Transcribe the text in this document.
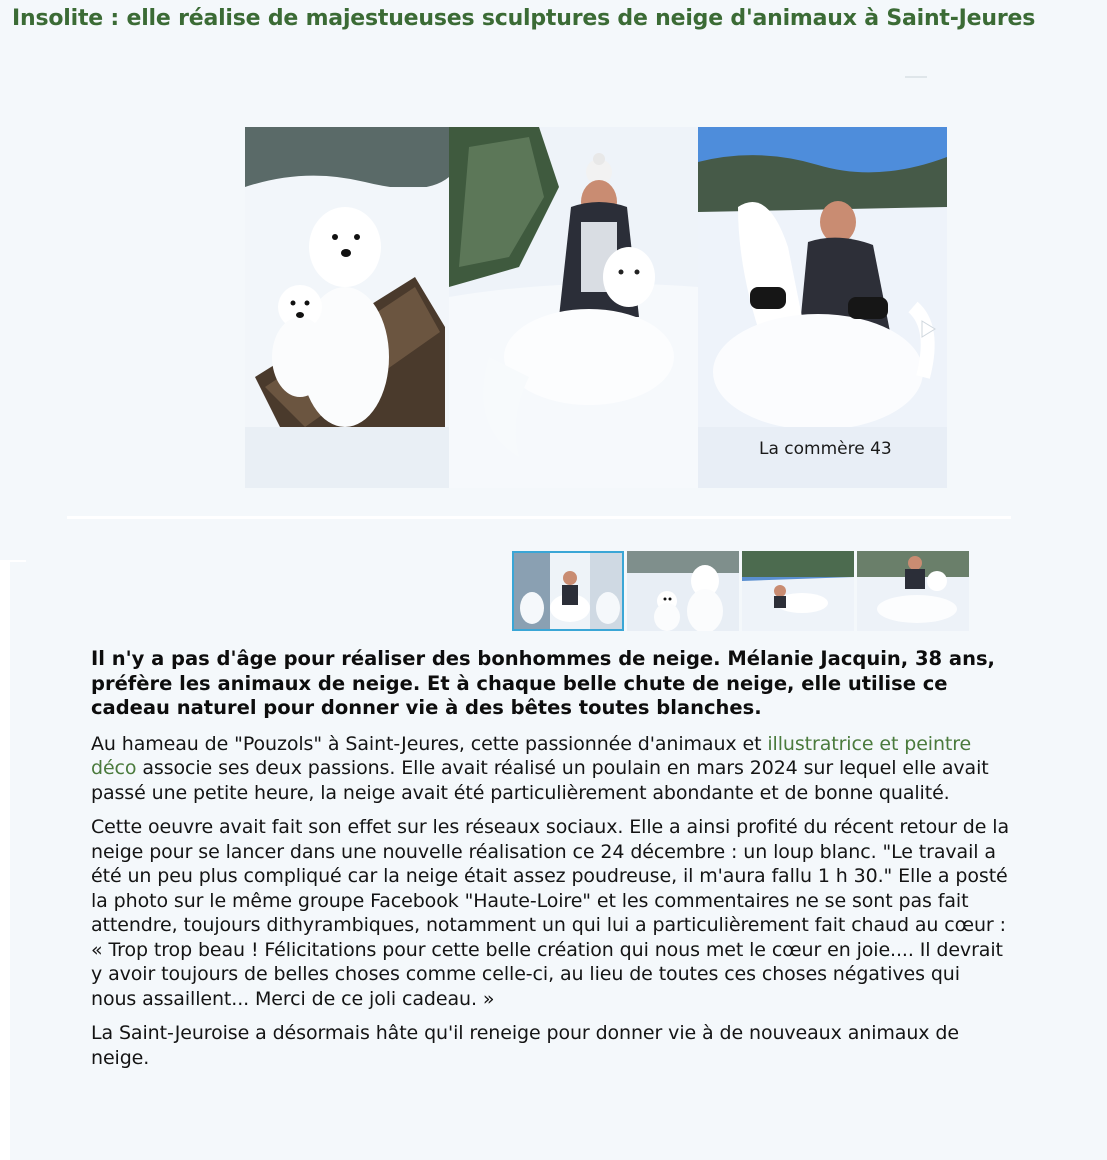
Insolite : elle réalise de majestueuses sculptures de neige d'animaux à Saint-Jeures
La commère 43

Il n'y a pas d'âge pour réaliser des bonhommes de neige. Mélanie Jacquin, 38 ans, préfère les animaux de neige. Et à chaque belle chute de neige, elle utilise ce cadeau naturel pour donner vie à des bêtes toutes blanches.

Au hameau de "Pouzols" à Saint-Jeures, cette passionnée d'animaux et illustratrice et peintre déco associe ses deux passions. Elle avait réalisé un poulain en mars 2024 sur lequel elle avait passé une petite heure, la neige avait été particulièrement abondante et de bonne qualité.

Cette oeuvre avait fait son effet sur les réseaux sociaux. Elle a ainsi profité du récent retour de la neige pour se lancer dans une nouvelle réalisation ce 24 décembre : un loup blanc. "Le travail a été un peu plus compliqué car la neige était assez poudreuse, il m'aura fallu 1 h 30." Elle a posté la photo sur le même groupe Facebook "Haute-Loire" et les commentaires ne se sont pas fait attendre, toujours dithyrambiques, notamment un qui lui a particulièrement fait chaud au cœur : « Trop trop beau ! Félicitations pour cette belle création qui nous met le cœur en joie.... Il devrait y avoir toujours de belles choses comme celle-ci, au lieu de toutes ces choses négatives qui nous assaillent... Merci de ce joli cadeau. »

La Saint-Jeuroise a désormais hâte qu'il reneige pour donner vie à de nouveaux animaux de neige.
